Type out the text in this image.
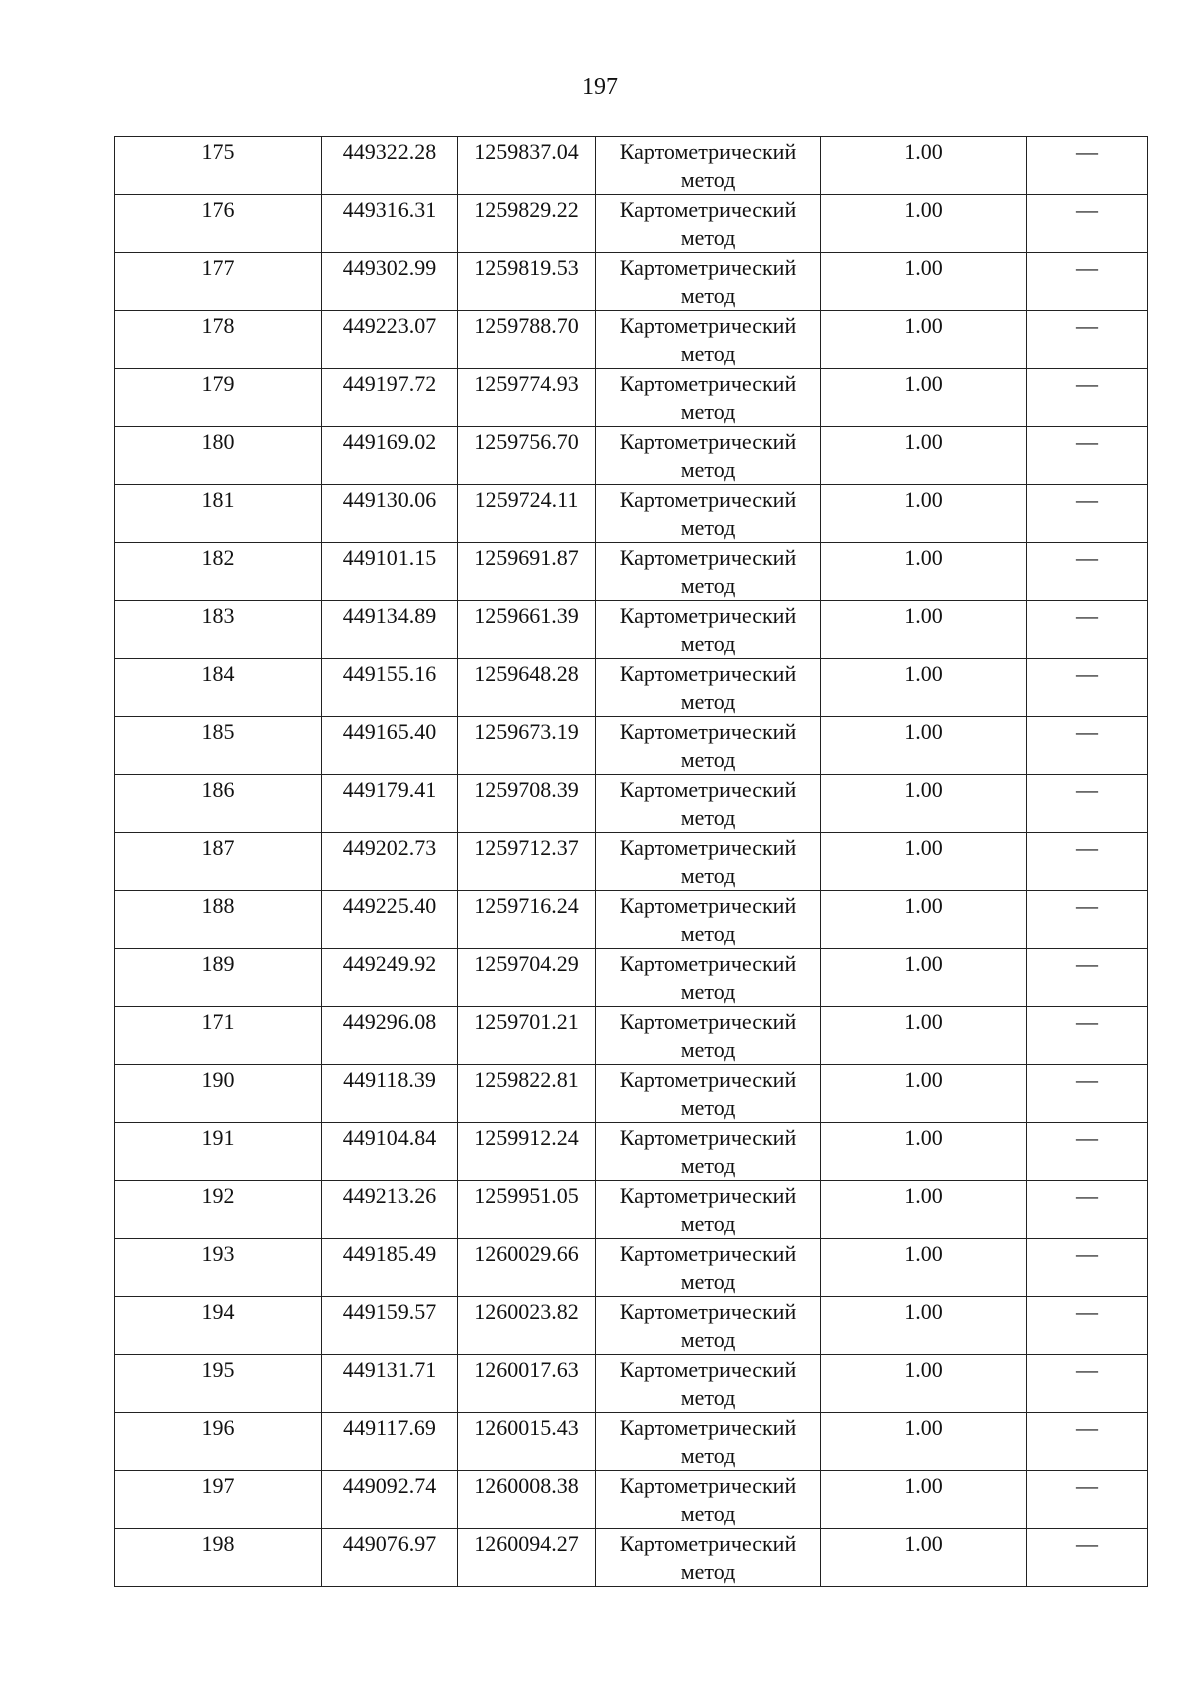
197
175	449322.28	1259837.04	Картометрический метод	1.00	—

176	449316.31	1259829.22	Картометрический метод	1.00	—

177	449302.99	1259819.53	Картометрический метод	1.00	—

178	449223.07	1259788.70	Картометрический метод	1.00	—

179	449197.72	1259774.93	Картометрический метод	1.00	—

180	449169.02	1259756.70	Картометрический метод	1.00	—

181	449130.06	1259724.11	Картометрический метод	1.00	—

182	449101.15	1259691.87	Картометрический метод	1.00	—

183	449134.89	1259661.39	Картометрический метод	1.00	—

184	449155.16	1259648.28	Картометрический метод	1.00	—

185	449165.40	1259673.19	Картометрический метод	1.00	—

186	449179.41	1259708.39	Картометрический метод	1.00	—

187	449202.73	1259712.37	Картометрический метод	1.00	—

188	449225.40	1259716.24	Картометрический метод	1.00	—

189	449249.92	1259704.29	Картометрический метод	1.00	—

171	449296.08	1259701.21	Картометрический метод	1.00	—

190	449118.39	1259822.81	Картометрический метод	1.00	—

191	449104.84	1259912.24	Картометрический метод	1.00	—

192	449213.26	1259951.05	Картометрический метод	1.00	—

193	449185.49	1260029.66	Картометрический метод	1.00	—

194	449159.57	1260023.82	Картометрический метод	1.00	—

195	449131.71	1260017.63	Картометрический метод	1.00	—

196	449117.69	1260015.43	Картометрический метод	1.00	—

197	449092.74	1260008.38	Картометрический метод	1.00	—

198	449076.97	1260094.27	Картометрический метод	1.00	—
